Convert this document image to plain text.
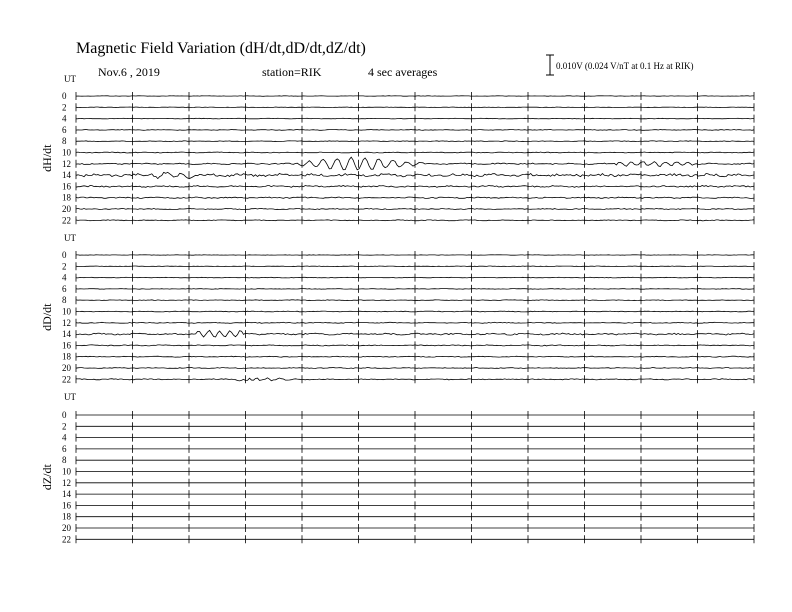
Magnetic Field Variation (dH/dt,dD/dt,dZ/dt)
Nov.6 , 2019	station=RIK	4 sec averages	0.010V (0.024 V/nT at 0.1 Hz at RIK)
UT
dH/dt
0
2
4
6
8
10
12
14
16
18
20
22
UT
dD/dt
0
2
4
6
8
10
12
14
16
18
20
22
UT
dZ/dt
0
2
4
6
8
10
12
14
16
18
20
22
